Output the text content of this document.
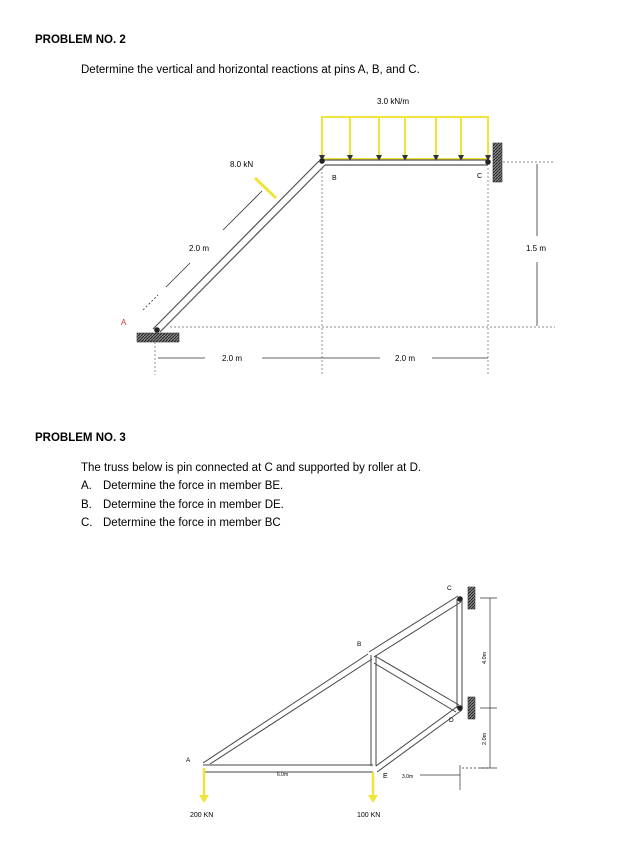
PROBLEM NO. 2
Determine the vertical and horizontal reactions at pins A, B, and C.
PROBLEM NO. 3
The truss below is pin connected at C and supported by roller at D.
A. Determine the force in member BE.
B. Determine the force in member DE.
C. Determine the force in member BC
3.0 kN/m
8.0 kN
2.0 m
A
B	C
2.0 m	2.0 m
1.5 m
C
D
B
A
E
6.0m	3.0m
4.0m
2.0m
200 KN	100 KN
